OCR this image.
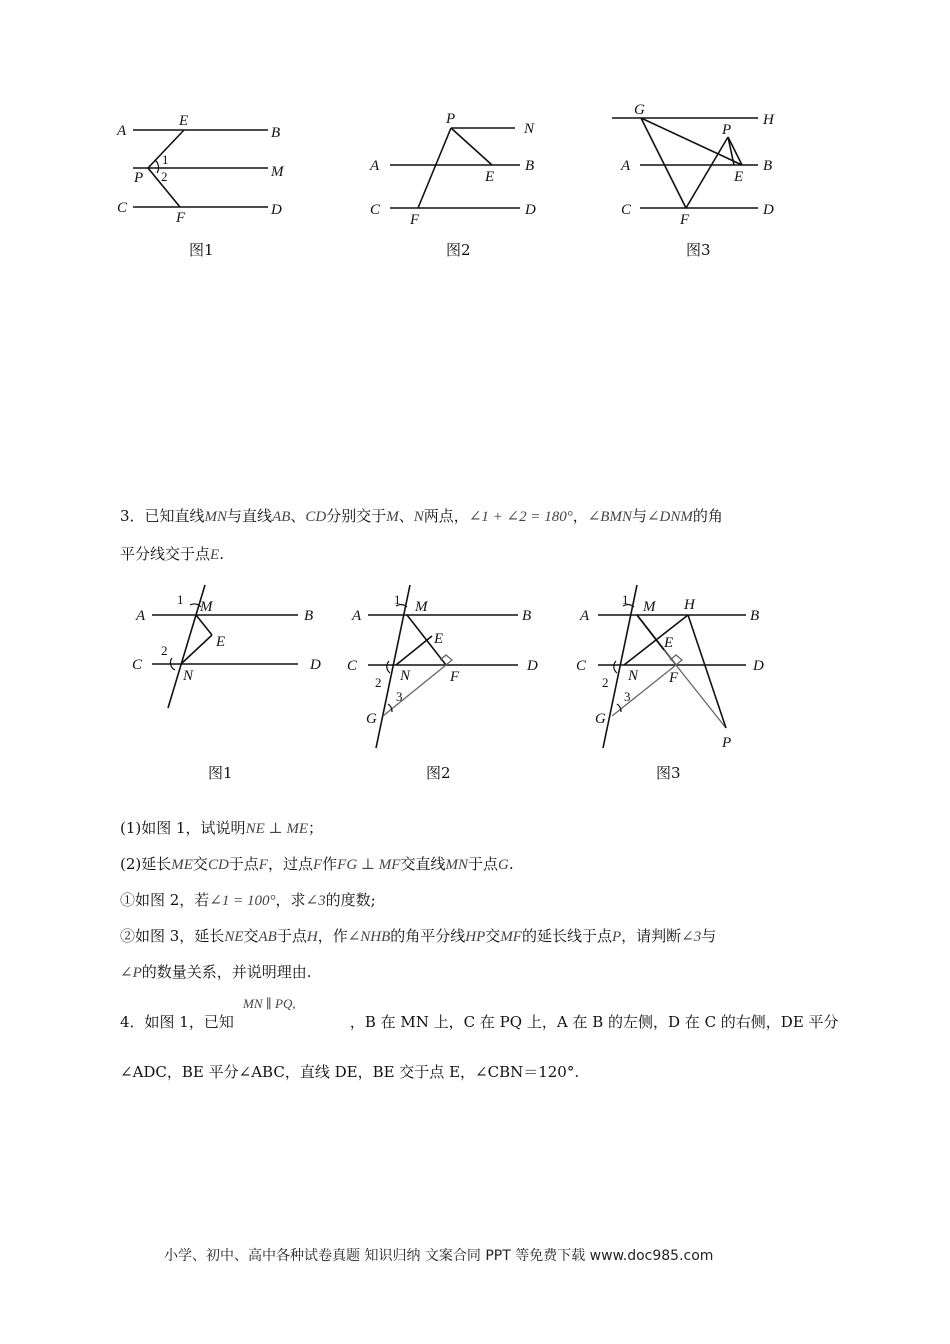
A
E
B
1
P 2	M
C
F	D
图1
P
N
A	B
E
C
F
D
图2
G
H
P
A
E
B
C
F
D
图3
3．已知直线MN与直线AB、CD分别交于M、N两点，∠1 + ∠2 = 180°，∠BMN与∠DNM的角
平分线交于点E.
A
1 M
B
E
C
2
D
N
图1
A
1 M
B
E
C
N	F
D
2
3
G
图2
A
1 M H
B
E
C
N F
D
2
3
G
P
图3
(1)如图 1，试说明NE ⊥ ME；
(2)延长ME交CD于点F，过点F作FG ⊥ MF交直线MN于点G.
①如图 2，若∠1 = 100°，求∠3的度数;
②如图 3，延长NE交AB于点H，作∠NHB的角平分线HP交MF的延长线于点P，请判断∠3与
∠P的数量关系，并说明理由.
MN ∥ PQ,
4．如图 1，已知	，B 在 MN 上，C 在 PQ 上，A 在 B 的左侧，D 在 C 的右侧，DE 平分
∠ADC，BE 平分∠ABC，直线 DE，BE 交于点 E，∠CBN＝120°.
小学、初中、高中各种试卷真题 知识归纳 文案合同 PPT 等免费下载 www.doc985.com
